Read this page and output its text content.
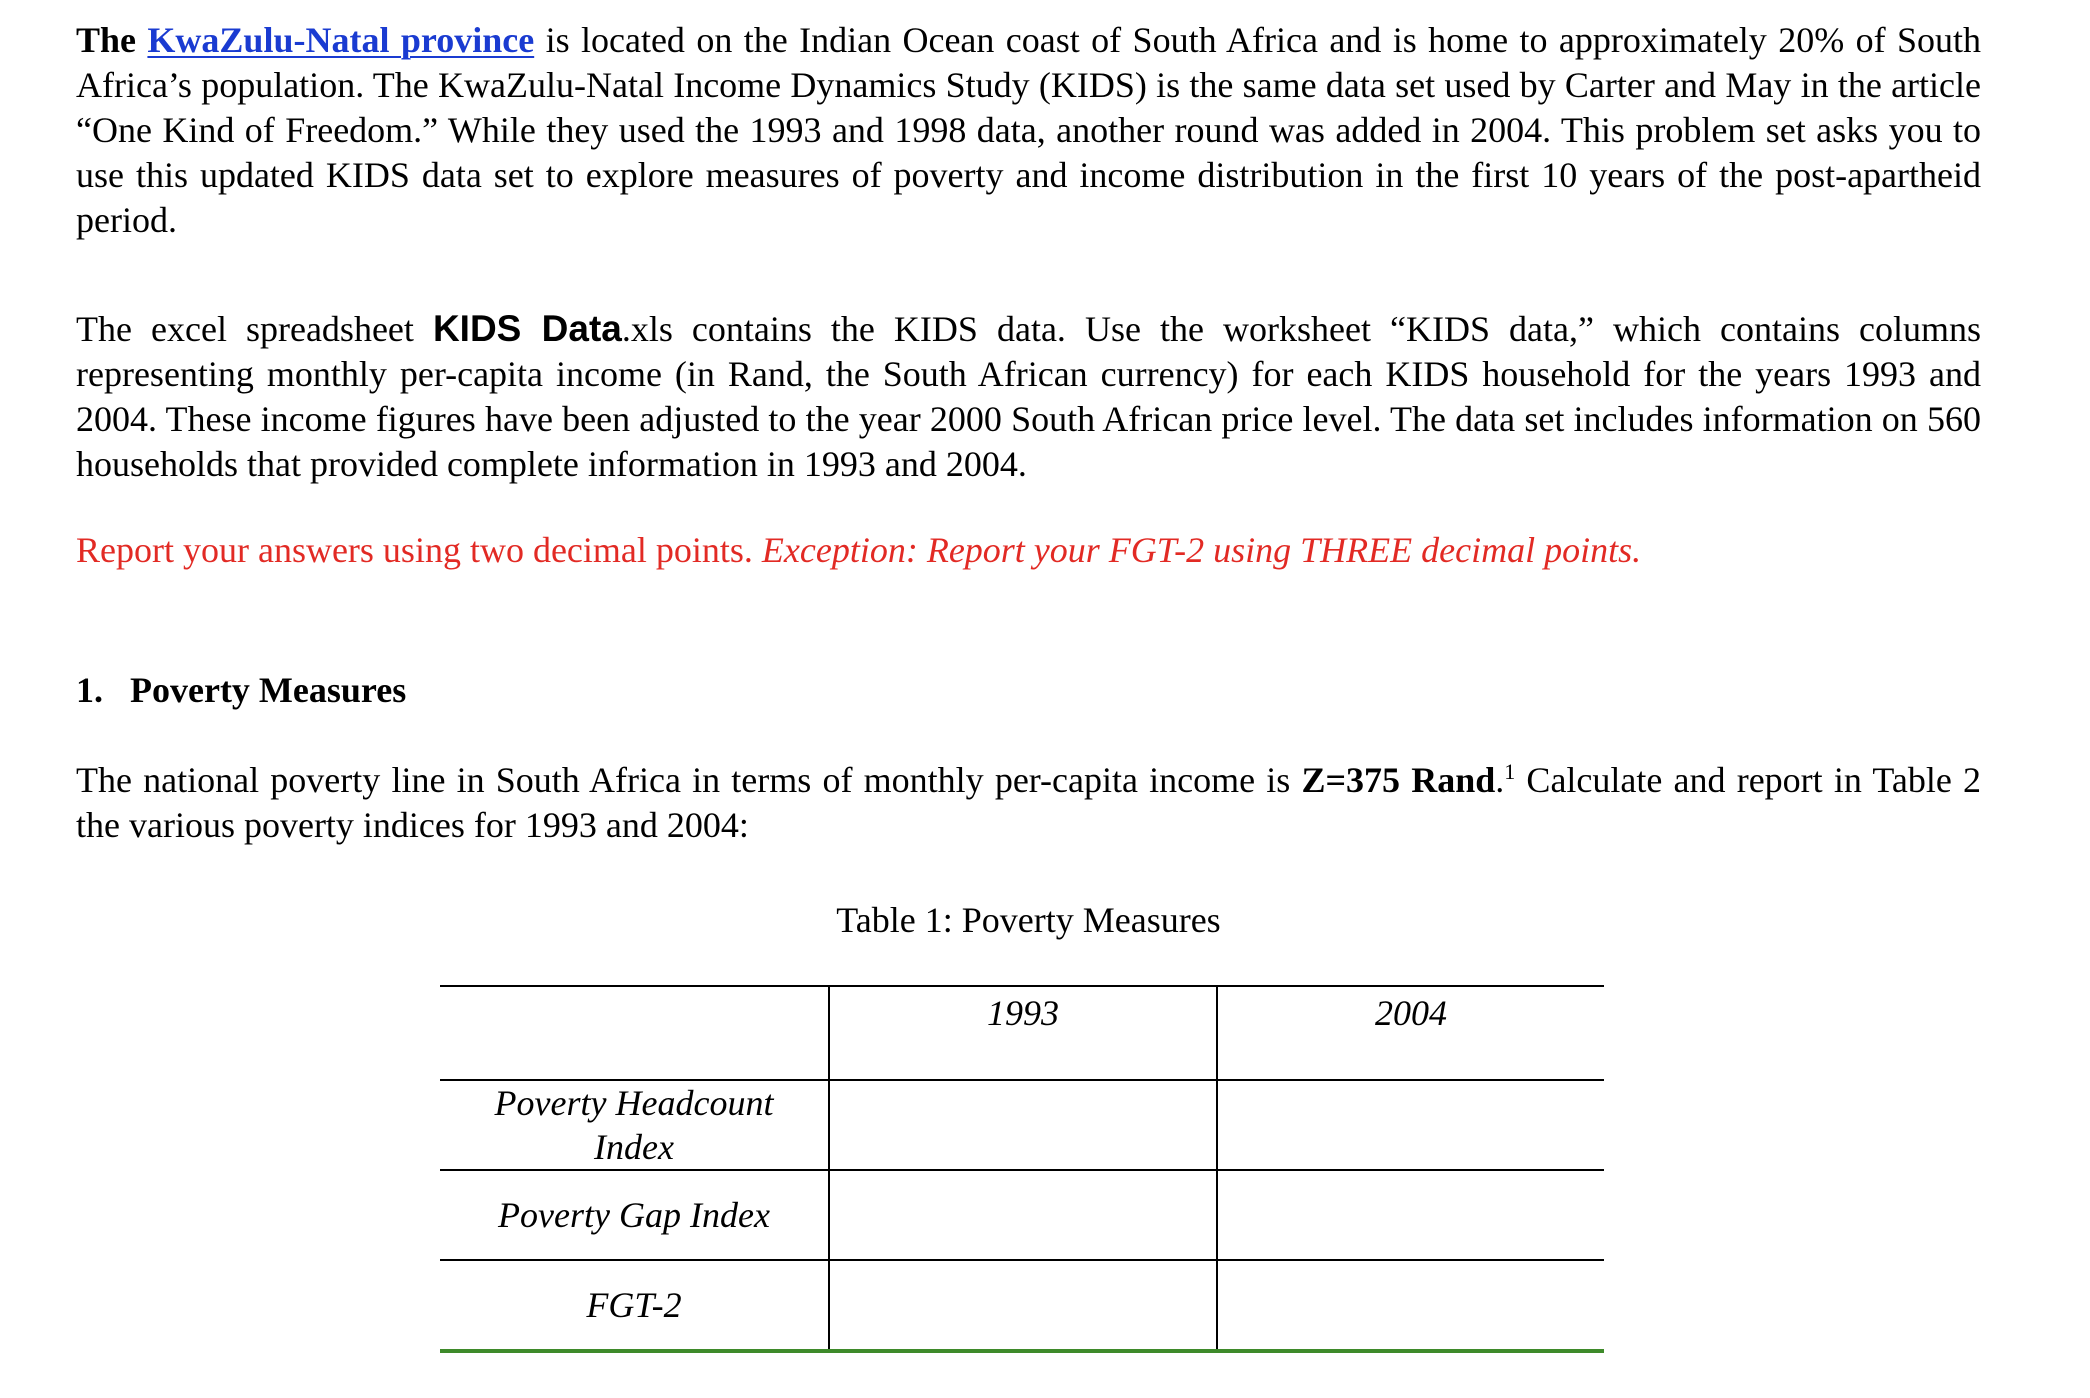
The KwaZulu-Natal province is located on the Indian Ocean coast of South Africa and is home to approximately 20% of South Africa’s population. The KwaZulu-Natal Income Dynamics Study (KIDS) is the same data set used by Carter and May in the article “One Kind of Freedom.” While they used the 1993 and 1998 data, another round was added in 2004. This problem set asks you to use this updated KIDS data set to explore measures of poverty and income distribution in the first 10 years of the post-apartheid period.

The excel spreadsheet KIDS Data.xls contains the KIDS data. Use the worksheet “KIDS data,” which contains columns representing monthly per-capita income (in Rand, the South African currency) for each KIDS household for the years 1993 and 2004. These income figures have been adjusted to the year 2000 South African price level. The data set includes information on 560 households that provided complete information in 1993 and 2004.

Report your answers using two decimal points. Exception: Report your FGT-2 using THREE decimal points.

1.   Poverty Measures

The national poverty line in South Africa in terms of monthly per-capita income is Z=375 Rand.$^1$ Calculate and report in Table 2 the various poverty indices for 1993 and 2004:

Table 1: Poverty Measures

	1993	2004
Poverty Headcount Index		
Poverty Gap Index		
FGT-2		
